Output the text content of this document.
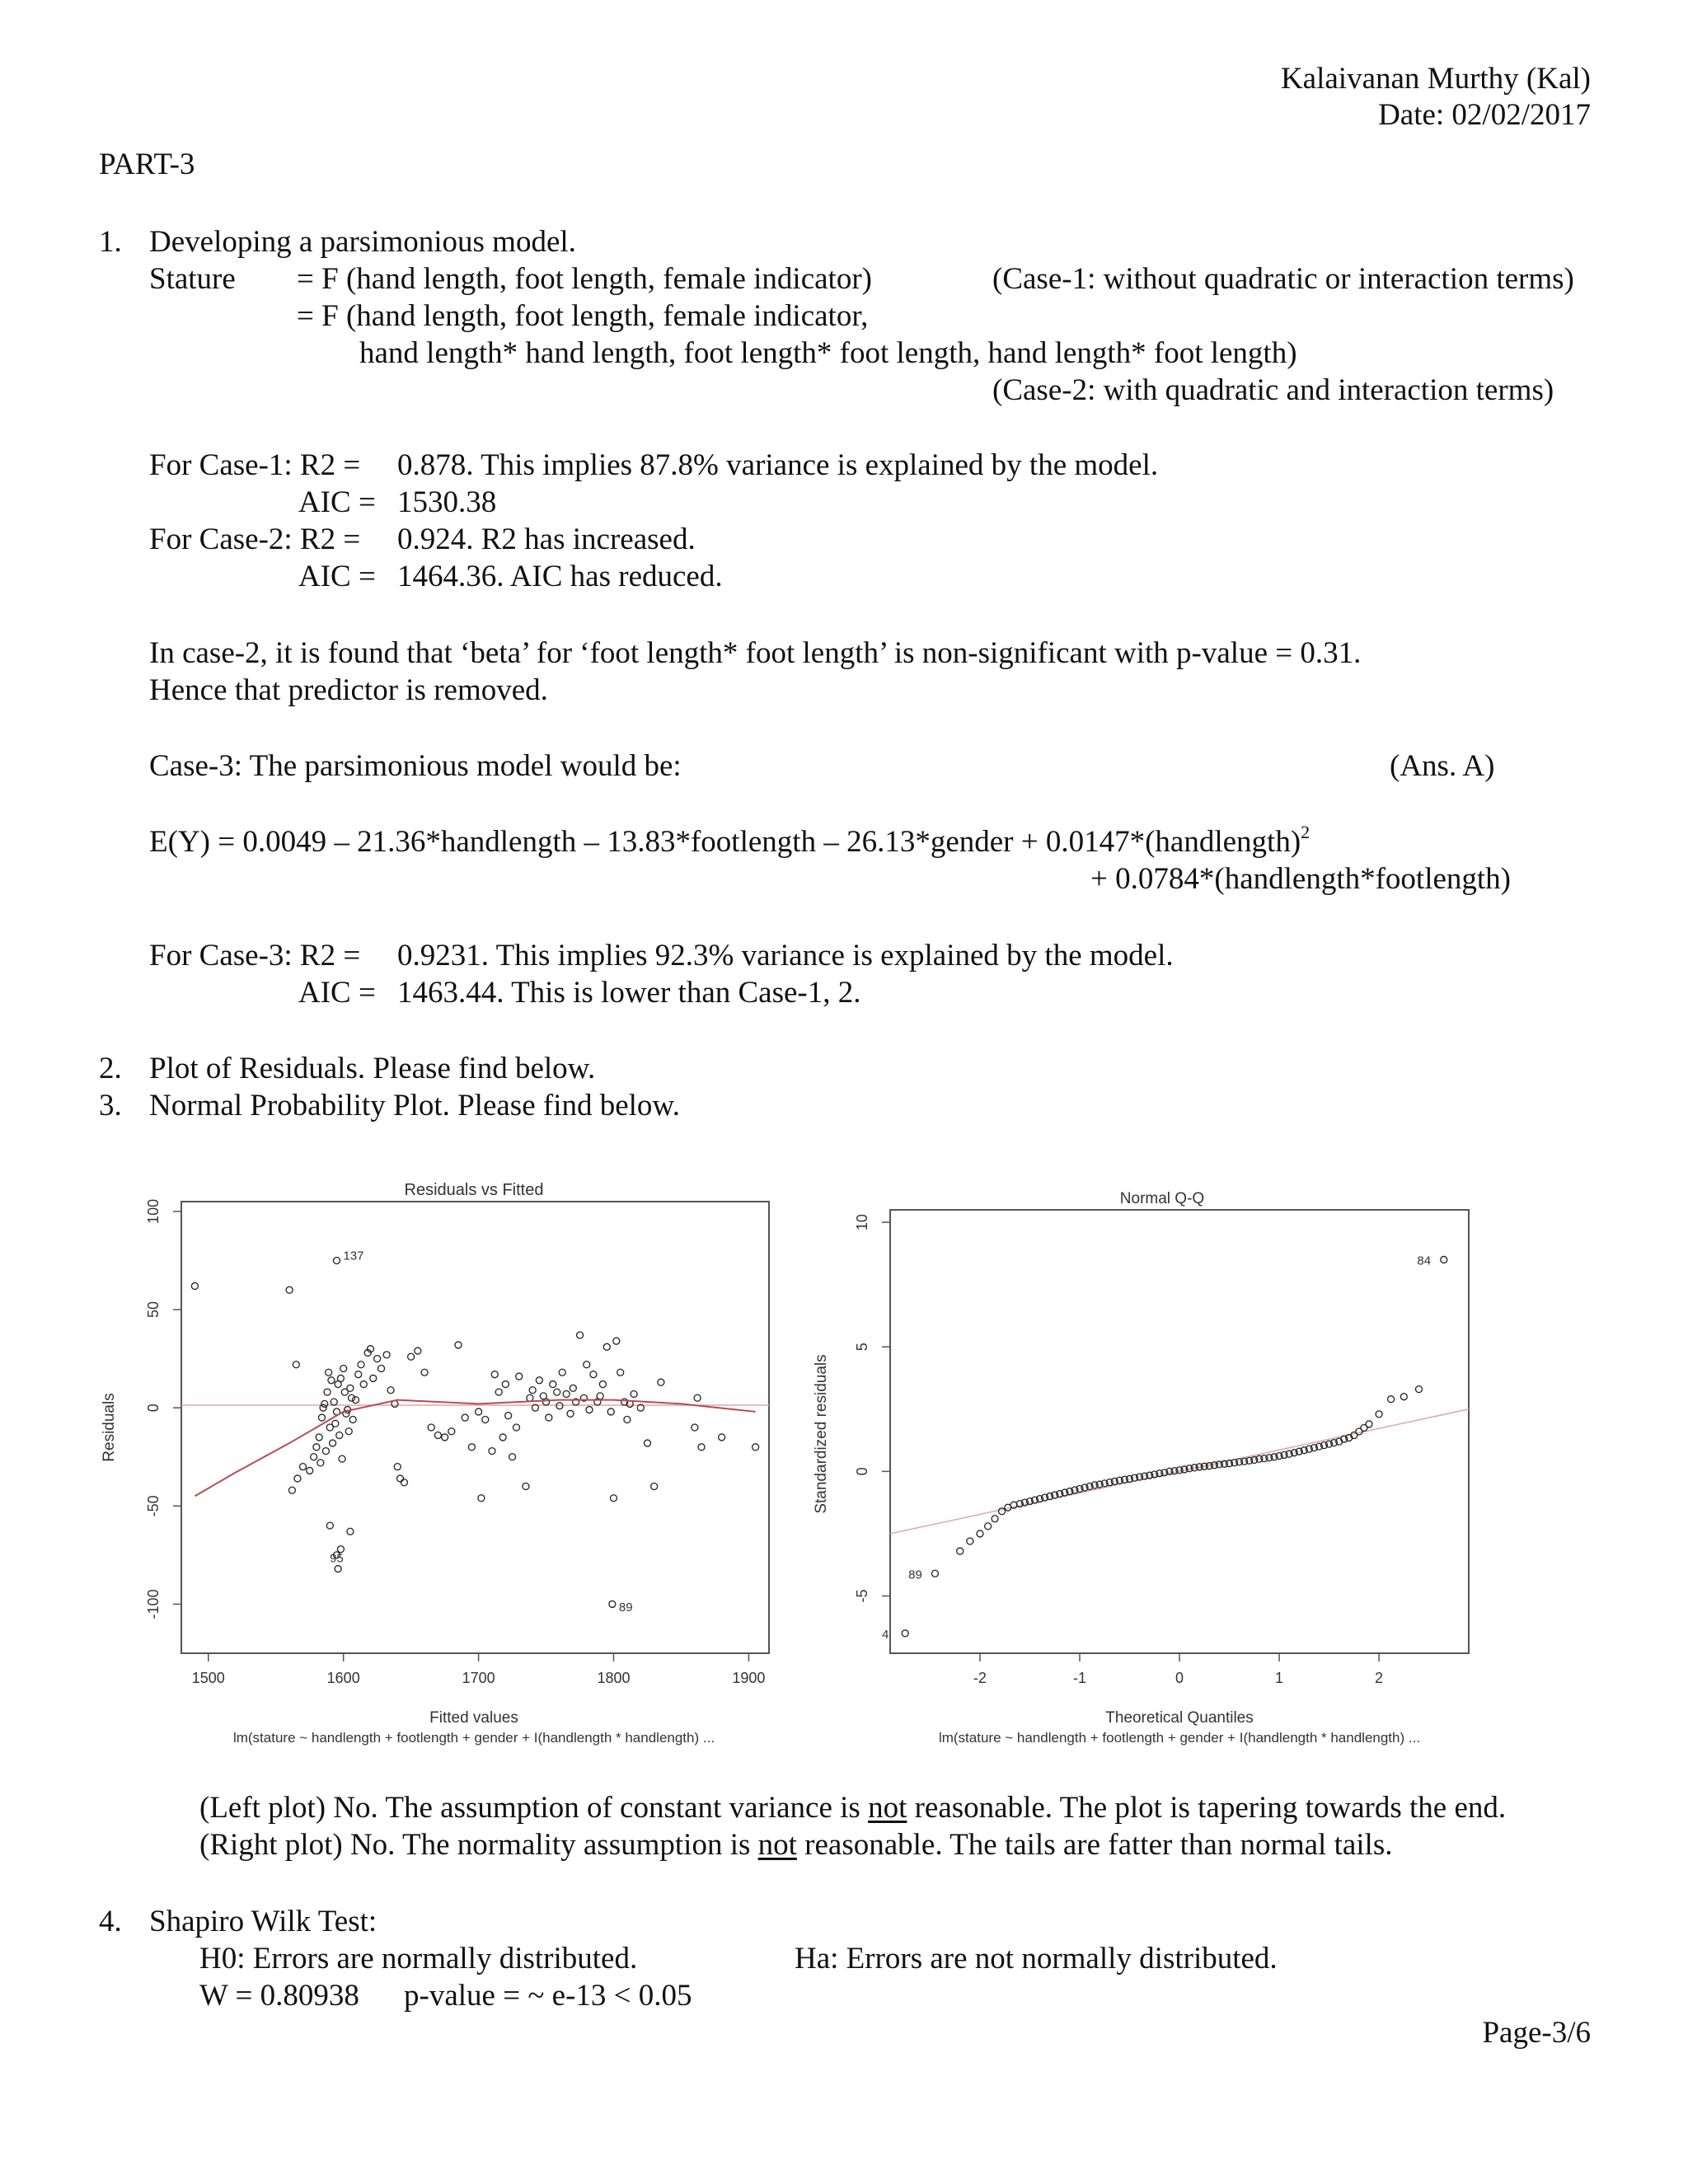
Kalaivanan Murthy (Kal)
Date: 02/02/2017
PART-3
1. Developing a parsimonious model.
Stature = F (hand length, foot length, female indicator)	(Case-1: without quadratic or interaction terms)
= F (hand length, foot length, female indicator,
hand length* hand length, foot length* foot length, hand length* foot length)
(Case-2: with quadratic and interaction terms)
For Case-1: R2 = 0.878. This implies 87.8% variance is explained by the model.
AIC = 1530.38
For Case-2: R2 = 0.924. R2 has increased.
AIC = 1464.36. AIC has reduced.
In case-2, it is found that ‘beta’ for ‘foot length* foot length’ is non-significant with p-value = 0.31.
Hence that predictor is removed.
Case-3: The parsimonious model would be:	(Ans. A)
E(Y) = 0.0049 – 21.36*handlength – 13.83*footlength – 26.13*gender + 0.0147*(handlength)$^2$
+ 0.0784*(handlength*footlength)
For Case-3: R2 = 0.9231. This implies 92.3% variance is explained by the model.
AIC = 1463.44. This is lower than Case-1, 2.
2. Plot of Residuals. Please find below.
3. Normal Probability Plot. Please find below.
Residuals vs Fitted
1500	1600	1700	1800	1900
-100
-50
0
50
100
137
95
89
Fitted values
lm(stature ~ handlength + footlength + gender + I(handlength * handlength) ...
Residuals
Normal Q-Q
-2	-1	0	1	2
-5
0
5
10
84
89
4
Theoretical Quantiles
lm(stature ~ handlength + footlength + gender + I(handlength * handlength) ...
Standardized residuals
(Left plot) No. The assumption of constant variance is not reasonable. The plot is tapering towards the end.
(Right plot) No. The normality assumption is not reasonable. The tails are fatter than normal tails.
4. Shapiro Wilk Test:
H0: Errors are normally distributed.	Ha: Errors are not normally distributed.
W = 0.80938 p-value = ~ e-13 < 0.05
Page-3/6
